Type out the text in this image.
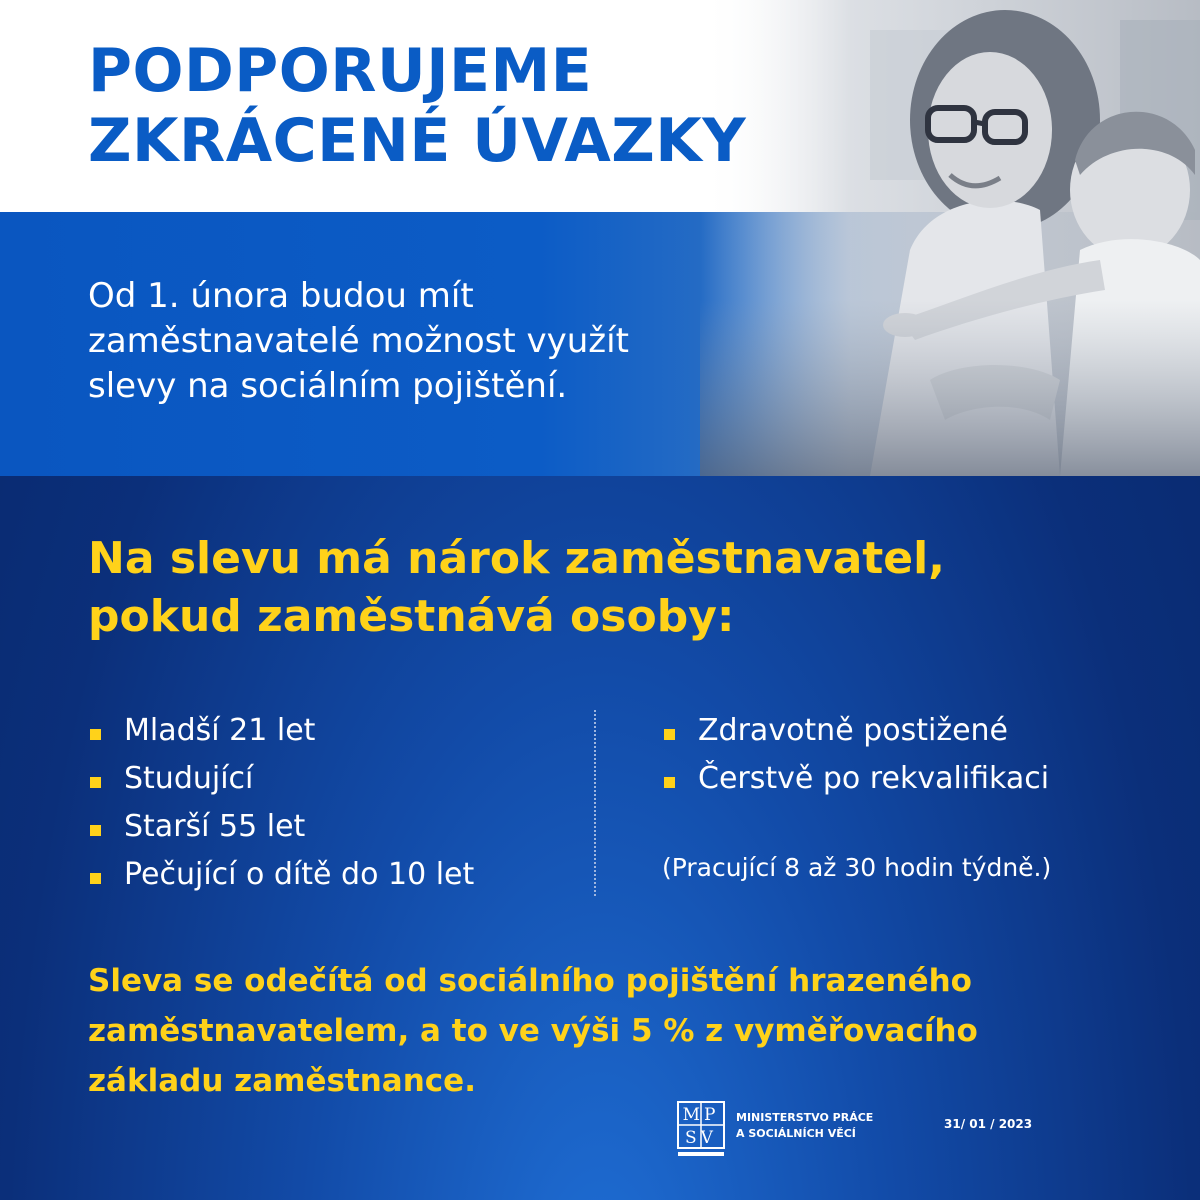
PODPORUJEME
ZKRÁCENÉ ÚVAZKY

Od 1. února budou mít
zaměstnavatelé možnost využít
slevy na sociálním pojištění.

Na slevu má nárok zaměstnavatel,
pokud zaměstnává osoby:
Mladší 21 let
Studující
Starší 55 let
Pečující o dítě do 10 let
Zdravotně postižené
Čerstvě po rekvalifikaci

(Pracující 8 až 30 hodin týdně.)

Sleva se odečítá od sociálního pojištění hrazeného
zaměstnavatelem, a to ve výši 5 % z vyměřovacího
základu zaměstnance.

MP
SV

MINISTERSTVO PRÁCE
A SOCIÁLNÍCH VĚCÍ

31/ 01 / 2023
